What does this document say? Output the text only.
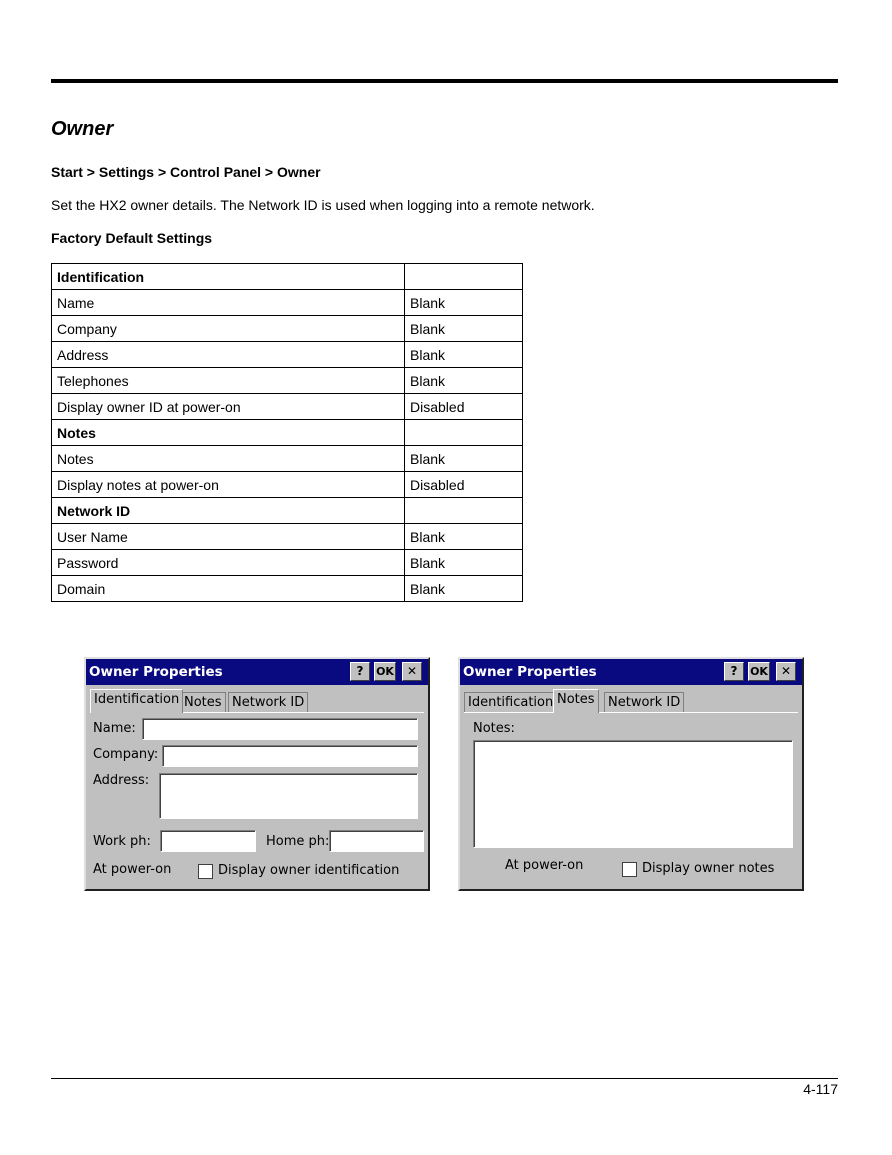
Owner
Start > Settings > Control Panel > Owner
Set the HX2 owner details. The Network ID is used when logging into a remote network.
Factory Default Settings
Identification	
Name	Blank
Company	Blank
Address	Blank
Telephones	Blank
Display owner ID at power-on	Disabled
Notes	
Notes	Blank
Display notes at power-on	Disabled
Network ID	
User Name	Blank
Password	Blank
Domain	Blank
Owner Properties	?	OK	✕
Identification Notes Network ID
Name:
Company:
Address:
Work ph:	Home ph:
At power-on	Display owner identification
Owner Properties	?	OK	✕
Identification Notes	Network ID
Notes:
At power-on	Display owner notes
4-117
